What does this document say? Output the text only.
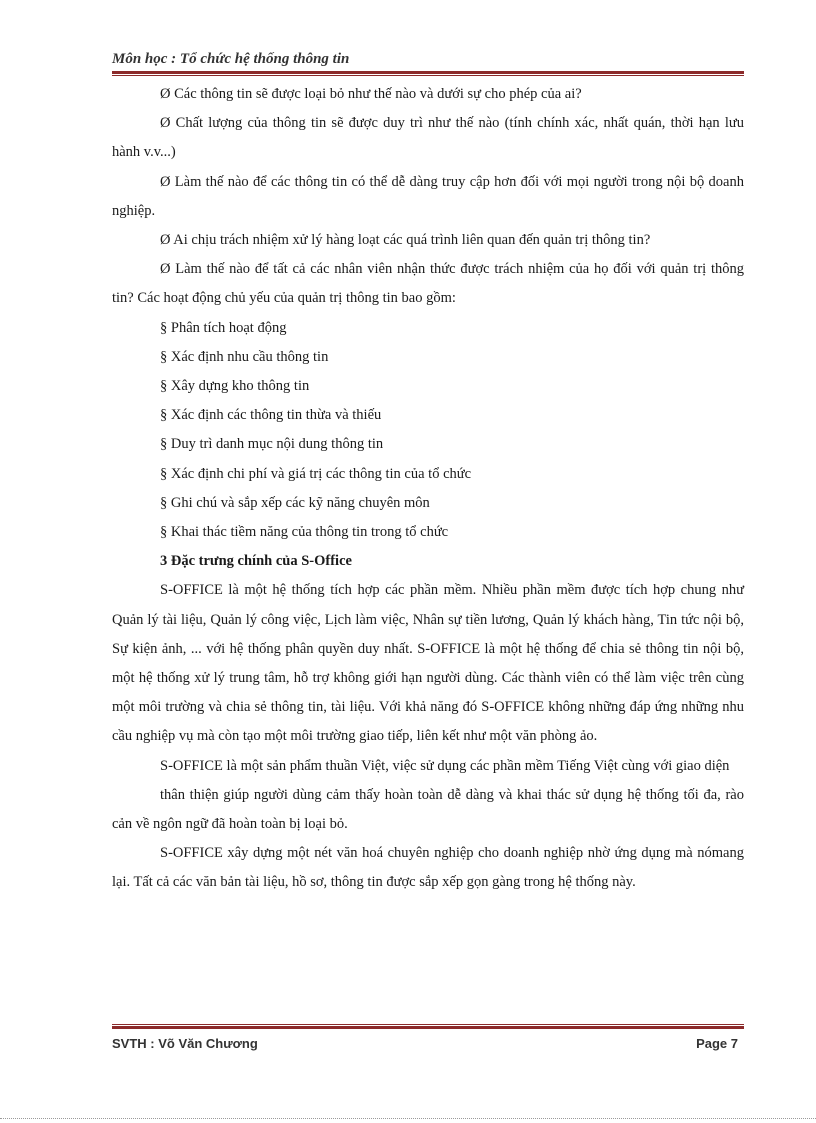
Môn học : Tổ chức hệ thống thông tin

Ø Các thông tin sẽ được loại bỏ như thế nào và dưới sự cho phép của ai?

Ø Chất lượng của thông tin sẽ được duy trì như thế nào (tính chính xác, nhất quán, thời hạn lưu hành v.v...)

Ø Làm thế nào để các thông tin có thể dễ dàng truy cập hơn đối với mọi người trong nội bộ doanh nghiệp.

Ø Ai chịu trách nhiệm xử lý hàng loạt các quá trình liên quan đến quản trị thông tin?

Ø Làm thế nào để tất cả các nhân viên nhận thức được trách nhiệm của họ đối với quản trị thông tin? Các hoạt động chủ yếu của quản trị thông tin bao gồm:

§ Phân tích hoạt động

§ Xác định nhu cầu thông tin

§ Xây dựng kho thông tin

§ Xác định các thông tin thừa và thiếu

§ Duy trì danh mục nội dung thông tin

§ Xác định chi phí và giá trị các thông tin của tổ chức

§ Ghi chú và sắp xếp các kỹ năng chuyên môn

§ Khai thác tiềm năng của thông tin trong tổ chức

3 Đặc trưng chính của S-Office

S-OFFICE là một hệ thống tích hợp các phần mềm. Nhiều phần mềm được tích hợp chung như Quản lý tài liệu, Quản lý công việc, Lịch làm việc, Nhân sự tiền lương, Quản lý khách hàng, Tin tức nội bộ, Sự kiện ảnh, ... với hệ thống phân quyền duy nhất. S-OFFICE là một hệ thống để chia sẻ thông tin nội bộ, một hệ thống xử lý trung tâm, hỗ trợ không giới hạn người dùng. Các thành viên có thể làm việc trên cùng một môi trường và chia sẻ thông tin, tài liệu. Với khả năng đó S-OFFICE không những đáp ứng những nhu cầu nghiệp vụ mà còn tạo một môi trường giao tiếp, liên kết như một văn phòng ảo.

S-OFFICE là một sản phẩm thuần Việt, việc sử dụng các phần mềm Tiếng Việt cùng với giao diện

thân thiện giúp người dùng cảm thấy hoàn toàn dễ dàng và khai thác sử dụng hệ thống tối đa, rào cản về ngôn ngữ đã hoàn toàn bị loại bỏ.

S-OFFICE xây dựng một nét văn hoá chuyên nghiệp cho doanh nghiệp nhờ ứng dụng mà nómang lại. Tất cả các văn bản tài liệu, hồ sơ, thông tin được sắp xếp gọn gàng trong hệ thống này.

SVTH : Võ Văn Chương	Page 7
